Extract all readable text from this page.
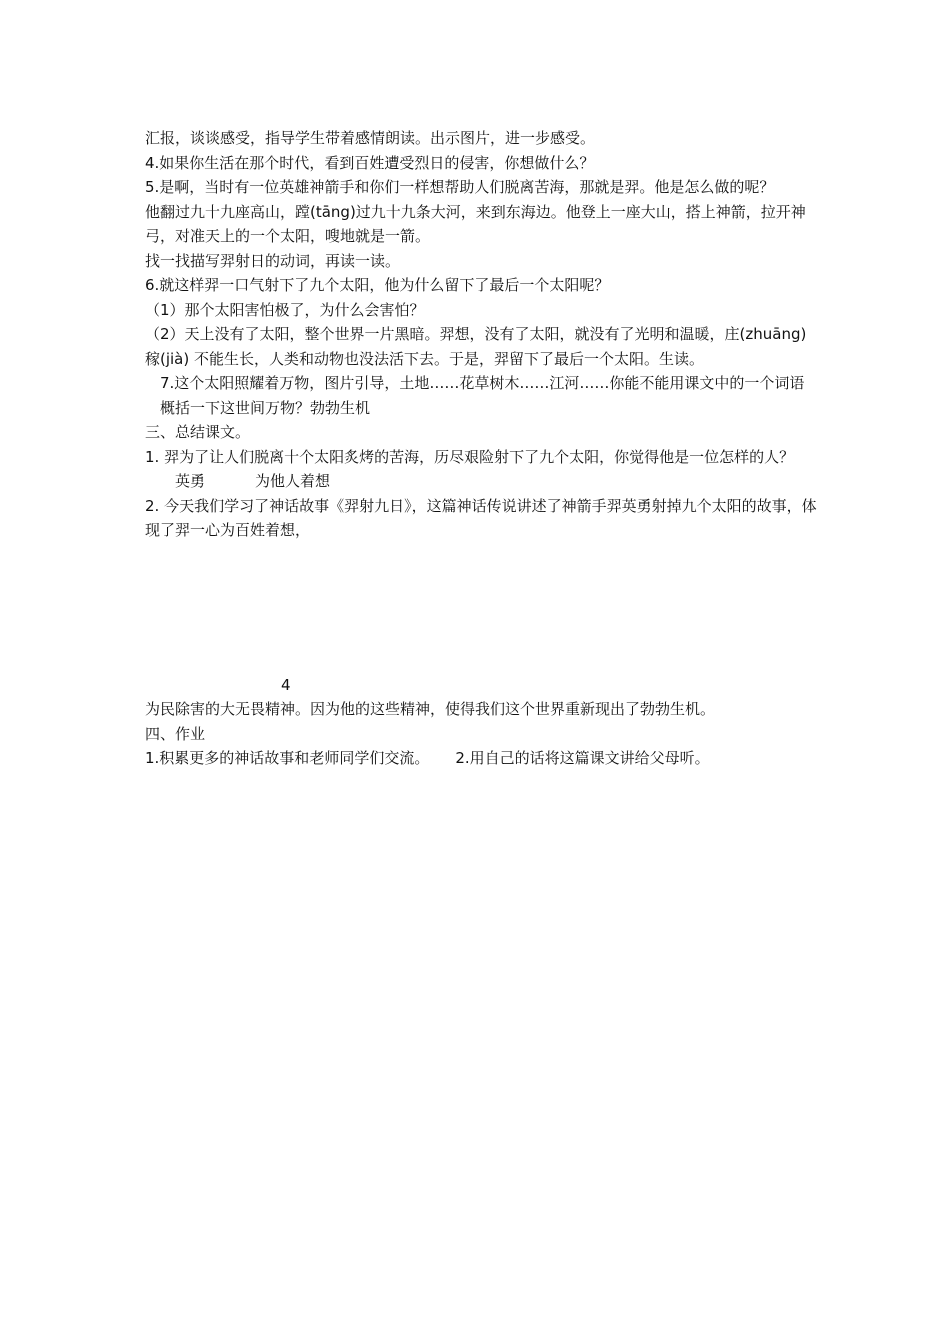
汇报，谈谈感受，指导学生带着感情朗读。出示图片，进一步感受。

4.如果你生活在那个时代，看到百姓遭受烈日的侵害，你想做什么？

5.是啊，当时有一位英雄神箭手和你们一样想帮助人们脱离苦海，那就是羿。他是怎么做的呢？

他翻过九十九座高山，蹚(tāng)过九十九条大河，来到东海边。他登上一座大山，搭上神箭，拉开神弓，对准天上的一个太阳，嗖地就是一箭。

找一找描写羿射日的动词，再读一读。

6.就这样羿一口气射下了九个太阳，他为什么留下了最后一个太阳呢？

（1）那个太阳害怕极了，为什么会害怕？

（2）天上没有了太阳，整个世界一片黑暗。羿想，没有了太阳，就没有了光明和温暖，庄(zhuāng)稼(jià) 不能生长，人类和动物也没法活下去。于是，羿留下了最后一个太阳。生读。

7.这个太阳照耀着万物，图片引导，土地……花草树木……江河……你能不能用课文中的一个词语概括一下这世间万物？勃勃生机

三、总结课文。

1. 羿为了让人们脱离十个太阳炙烤的苦海，历尽艰险射下了九个太阳，你觉得他是一位怎样的人？英勇	为他人着想

2. 今天我们学习了神话故事《羿射九日》，这篇神话传说讲述了神箭手羿英勇射掉九个太阳的故事，体现了羿一心为百姓着想，

4

为民除害的大无畏精神。因为他的这些精神，使得我们这个世界重新现出了勃勃生机。

四、作业

1.积累更多的神话故事和老师同学们交流。 2.用自己的话将这篇课文讲给父母听。
